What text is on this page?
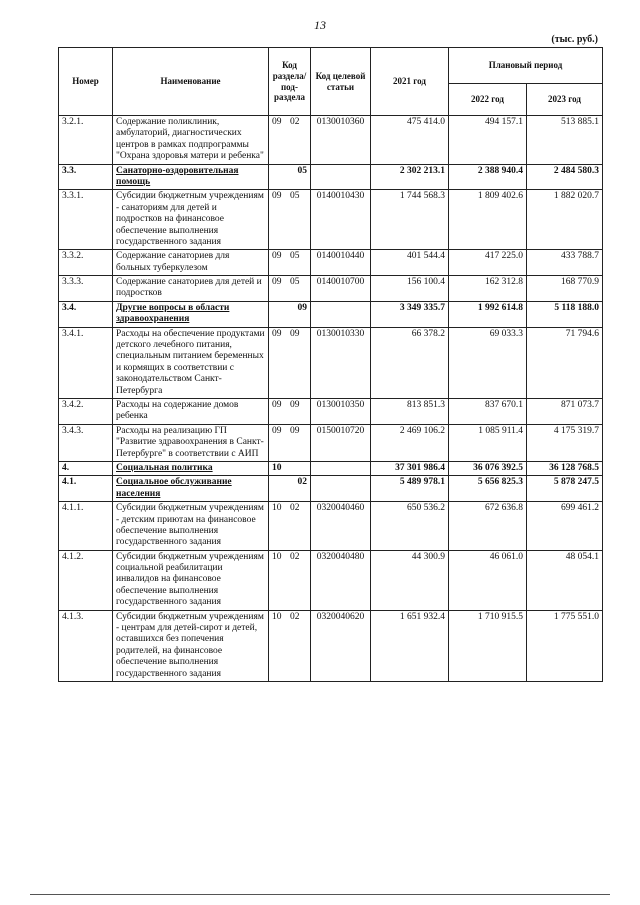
13
(тыс. руб.)
Номер	Наименование	Код раздела/ под- раздела	Код целевой статьи	2021 год	Плановый период	
					2022 год	2023 год
3.2.1.	Содержание поликлиник, амбулаторий, диагностических центров в рамках подпрограммы "Охрана здоровья матери и ребенка"	09 02	0130010360	475 414.0	494 157.1	513 885.1
3.3.	Санаторно-оздоровительная помощь	05		2 302 213.1	2 388 940.4	2 484 580.3
3.3.1.	Субсидии бюджетным учреждениям - санаториям для детей и подростков на финансовое обеспечение выполнения государственного задания	09 05	0140010430	1 744 568.3	1 809 402.6	1 882 020.7
3.3.2.	Содержание санаториев для больных туберкулезом	09 05	0140010440	401 544.4	417 225.0	433 788.7
3.3.3.	Содержание санаториев для детей и подростков	09 05	0140010700	156 100.4	162 312.8	168 770.9
3.4.	Другие вопросы в области здравоохранения	09		3 349 335.7	1 992 614.8	5 118 188.0
3.4.1.	Расходы на обеспечение продуктами детского лечебного питания, специальным питанием беременных и кормящих в соответствии с законодательством Санкт-Петербурга	09 09	0130010330	66 378.2	69 033.3	71 794.6
3.4.2.	Расходы на содержание домов ребенка	09 09	0130010350	813 851.3	837 670.1	871 073.7
3.4.3.	Расходы на реализацию ГП "Развитие здравоохранения в Санкт-Петербурге" в соответствии с АИП	09 09	0150010720	2 469 106.2	1 085 911.4	4 175 319.7
4.	Социальная политика	10		37 301 986.4	36 076 392.5	36 128 768.5
4.1.	Социальное обслуживание населения	02		5 489 978.1	5 656 825.3	5 878 247.5
4.1.1.	Субсидии бюджетным учреждениям - детским приютам на финансовое обеспечение выполнения государственного задания	10 02	0320040460	650 536.2	672 636.8	699 461.2
4.1.2.	Субсидии бюджетным учреждениям социальной реабилитации инвалидов на финансовое обеспечение выполнения государственного задания	10 02	0320040480	44 300.9	46 061.0	48 054.1
4.1.3.	Субсидии бюджетным учреждениям - центрам для детей-сирот и детей, оставшихся без попечения родителей, на финансовое обеспечение выполнения государственного задания	10 02	0320040620	1 651 932.4	1 710 915.5	1 775 551.0
